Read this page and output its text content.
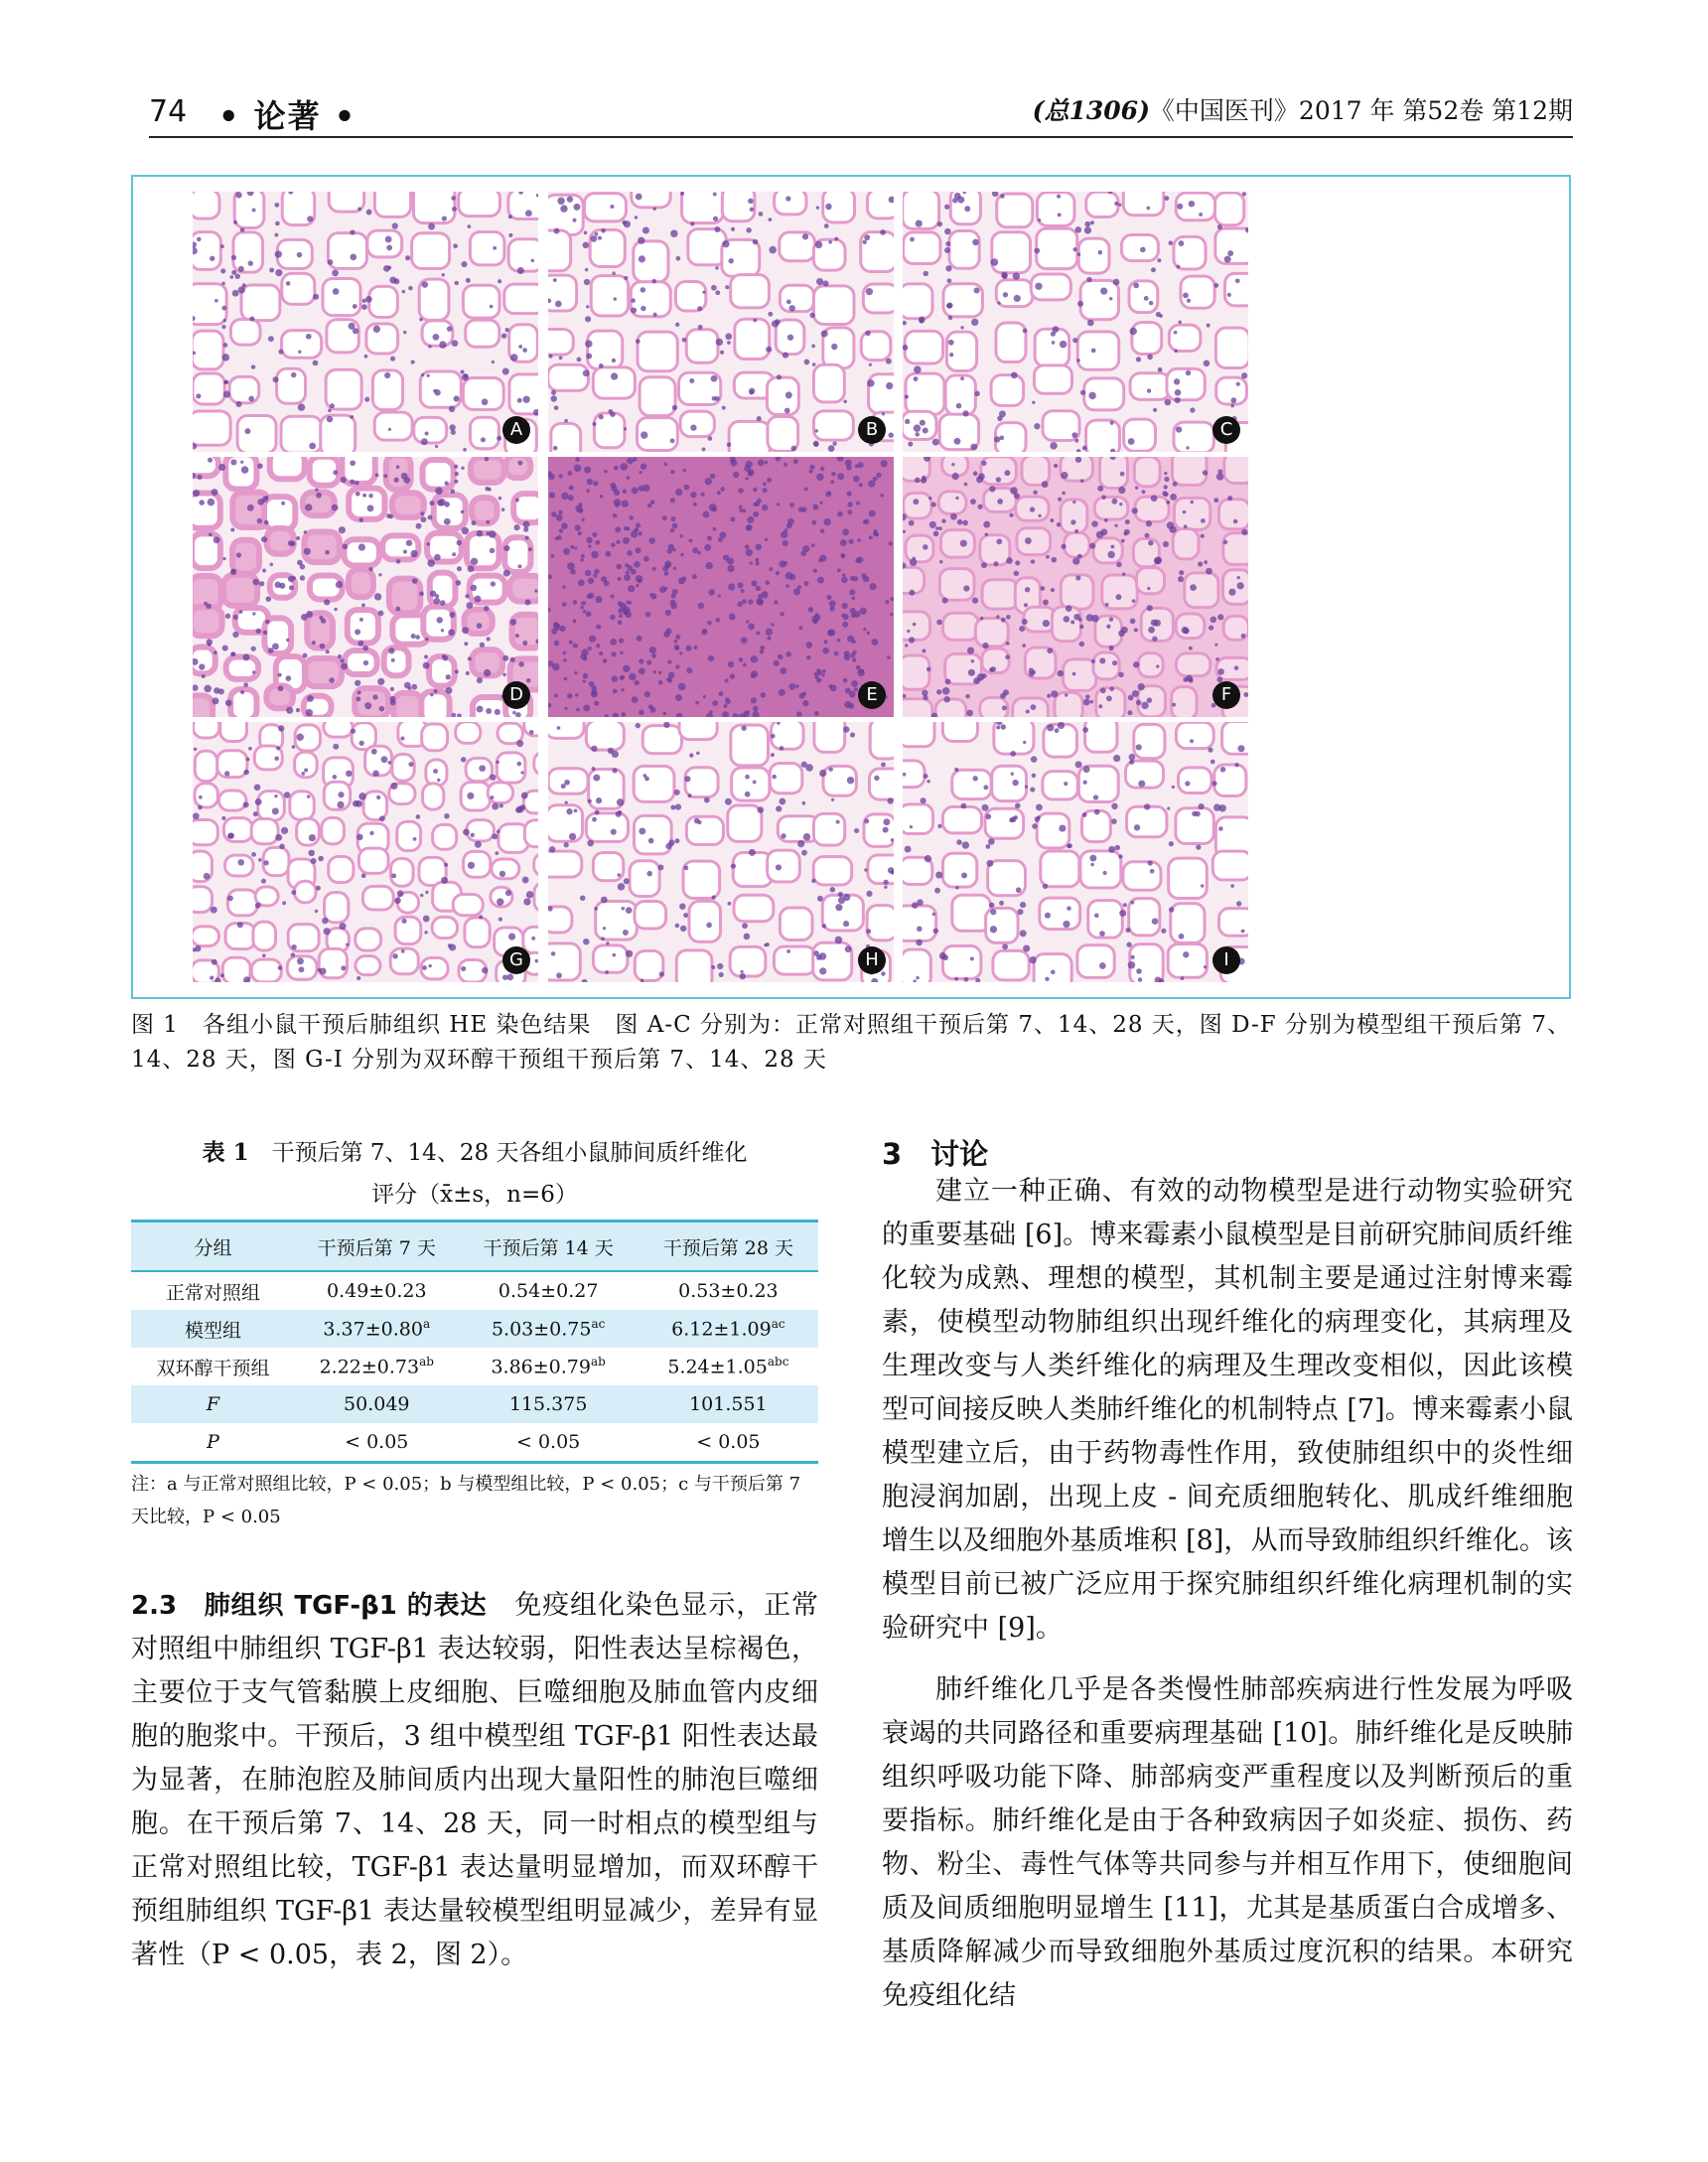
74 • 论著 •	(总1306)《中国医刊》2017 年 第52卷 第12期
A	B	C
D	E	F
G	H	I
图 1　各组小鼠干预后肺组织 HE 染色结果　图 A-C 分别为：正常对照组干预后第 7、14、28 天，图 D-F 分别为模型组干预后第 7、14、28 天，图 G-I 分别为双环醇干预组干预后第 7、14、28 天
表 1　 干预后第 7、14、28 天各组小鼠肺间质纤维化
评分（x̄±s，n=6）
分组	干预后第 7 天	干预后第 14 天	干预后第 28 天
正常对照组	0.49±0.23	0.54±0.27	0.53±0.23
模型组	3.37±0.80$^a$	5.03±0.75$^{ac}$	6.12±1.09$^{ac}$
双环醇干预组	2.22±0.73$^{ab}$	3.86±0.79$^{ab}$	5.24±1.05$^{abc}$
F	50.049	115.375	101.551
P	< 0.05	< 0.05	< 0.05
注：a 与正常对照组比较，P < 0.05；b 与模型组比较，P < 0.05；c 与干预后第 7 天比较，P < 0.05
2.3　肺组织 TGF-β1 的表达　免疫组化染色显示，正常对照组中肺组织 TGF-β1 表达较弱，阳性表达呈棕褐色，主要位于支气管黏膜上皮细胞、巨噬细胞及肺血管内皮细胞的胞浆中。干预后，3 组中模型组 TGF-β1 阳性表达最为显著，在肺泡腔及肺间质内出现大量阳性的肺泡巨噬细胞。在干预后第 7、14、28 天，同一时相点的模型组与正常对照组比较，TGF-β1 表达量明显增加，而双环醇干预组肺组织 TGF-β1 表达量较模型组明显减少，差异有显著性（P < 0.05，表 2，图 2）。
3　讨论

建立一种正确、有效的动物模型是进行动物实验研究的重要基础 [6]。博来霉素小鼠模型是目前研究肺间质纤维化较为成熟、理想的模型，其机制主要是通过注射博来霉素，使模型动物肺组织出现纤维化的病理变化，其病理及生理改变与人类纤维化的病理及生理改变相似，因此该模型可间接反映人类肺纤维化的机制特点 [7]。博来霉素小鼠模型建立后，由于药物毒性作用，致使肺组织中的炎性细胞浸润加剧，出现上皮 - 间充质细胞转化、肌成纤维细胞增生以及细胞外基质堆积 [8]，从而导致肺组织纤维化。该模型目前已被广泛应用于探究肺组织纤维化病理机制的实验研究中 [9]。

肺纤维化几乎是各类慢性肺部疾病进行性发展为呼吸衰竭的共同路径和重要病理基础 [10]。肺纤维化是反映肺组织呼吸功能下降、肺部病变严重程度以及判断预后的重要指标。肺纤维化是由于各种致病因子如炎症、损伤、药物、粉尘、毒性气体等共同参与并相互作用下，使细胞间质及间质细胞明显增生 [11]，尤其是基质蛋白合成增多、基质降解减少而导致细胞外基质过度沉积的结果。本研究免疫组化结
